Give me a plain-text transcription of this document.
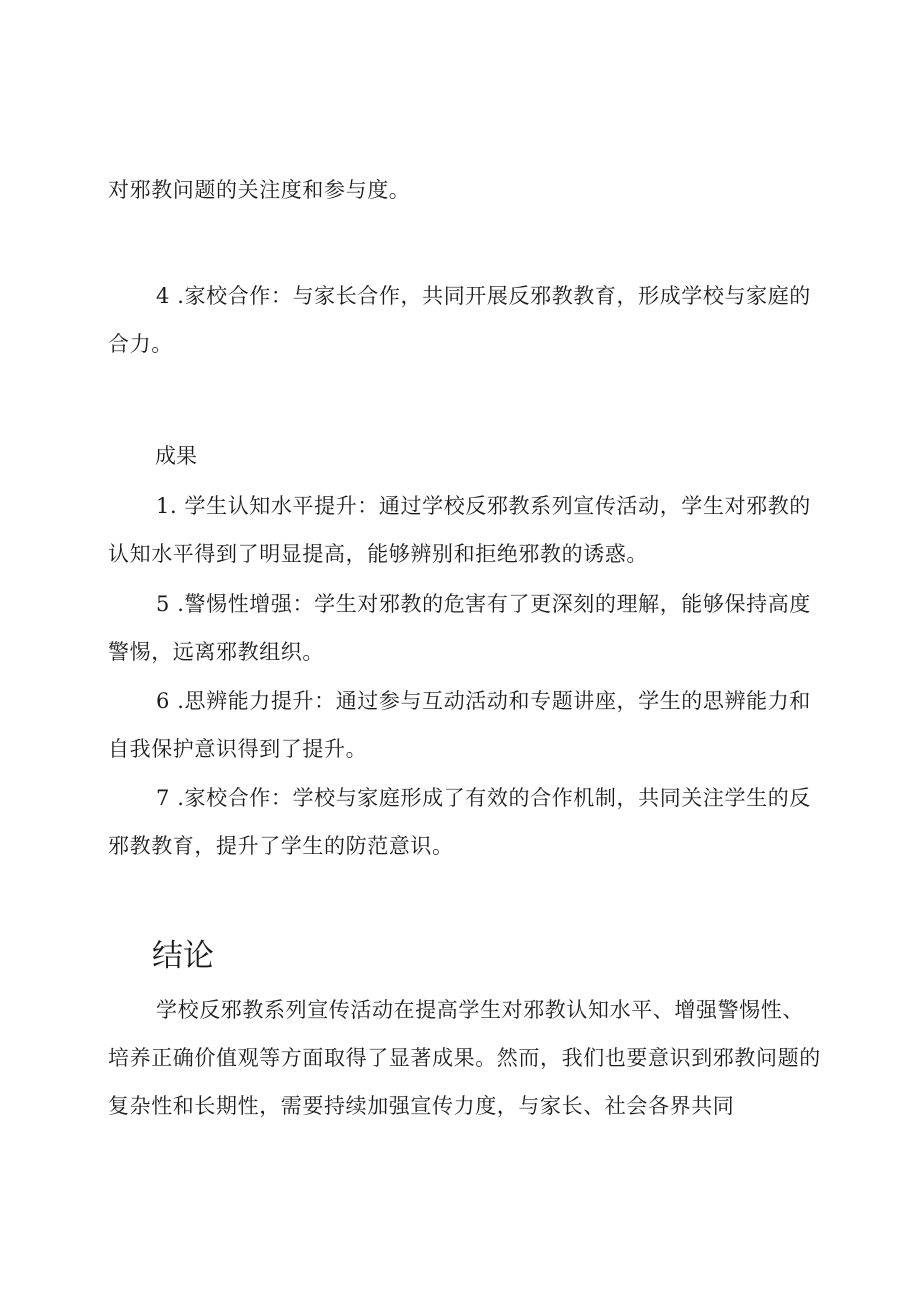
对邪教问题的关注度和参与度。

4 .家校合作：与家长合作，共同开展反邪教教育，形成学校与家庭的合力。

成果

1. 学生认知水平提升：通过学校反邪教系列宣传活动，学生对邪教的认知水平得到了明显提高，能够辨别和拒绝邪教的诱惑。

5 .警惕性增强：学生对邪教的危害有了更深刻的理解，能够保持高度警惕，远离邪教组织。

6 .思辨能力提升：通过参与互动活动和专题讲座，学生的思辨能力和自我保护意识得到了提升。

7 .家校合作：学校与家庭形成了有效的合作机制，共同关注学生的反邪教教育，提升了学生的防范意识。

结论

学校反邪教系列宣传活动在提高学生对邪教认知水平、增强警惕性、培养正确价值观等方面取得了显著成果。然而，我们也要意识到邪教问题的复杂性和长期性，需要持续加强宣传力度，与家长、社会各界共同
